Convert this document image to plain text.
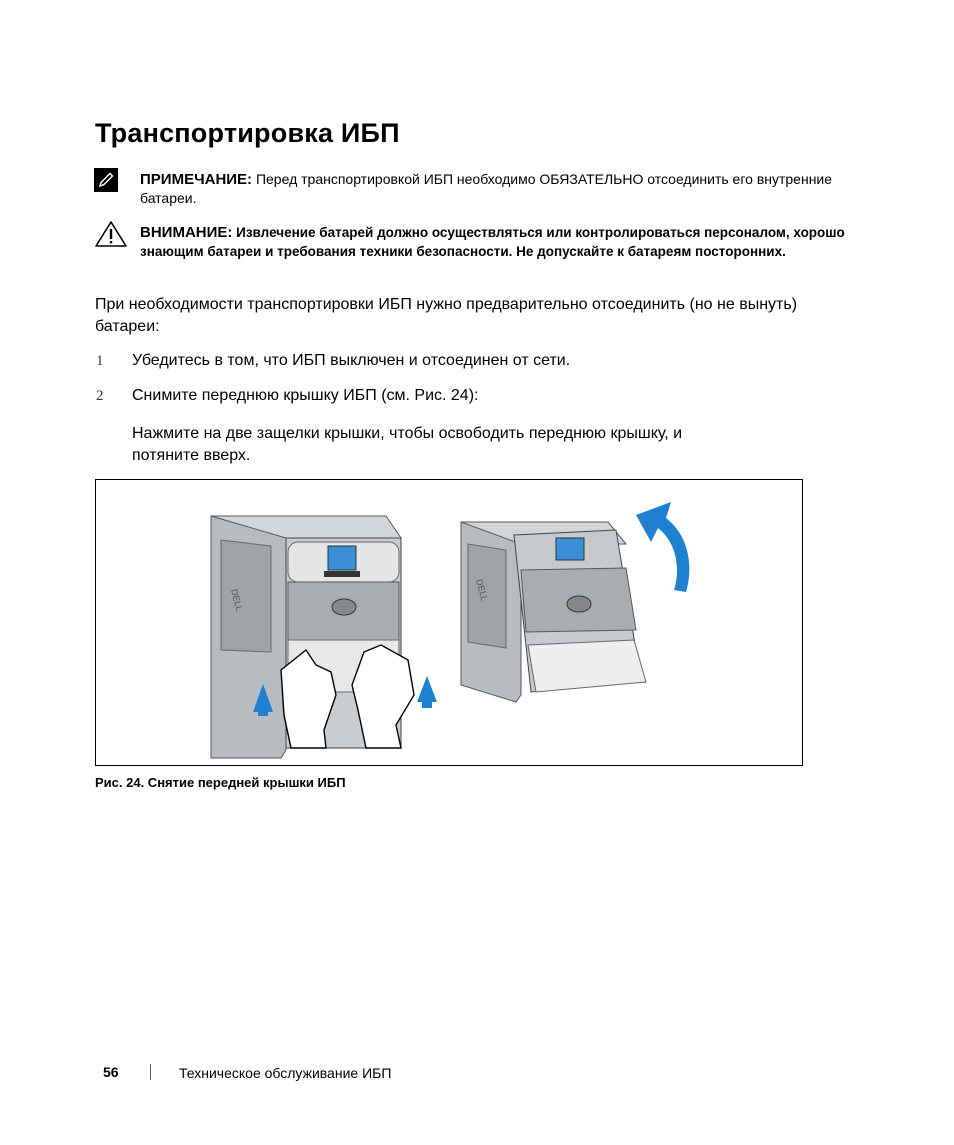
Транспортировка ИБП
ПРИМЕЧАНИЕ: Перед транспортировкой ИБП необходимо ОБЯЗАТЕЛЬНО отсоединить его внутренние батареи.
ВНИМАНИЕ: Извлечение батарей должно осуществляться или контролироваться персоналом, хорошо знающим батареи и требования техники безопасности. Не допускайте к батареям посторонних.
При необходимости транспортировки ИБП нужно предварительно отсоединить (но не вынуть) батареи:
1 Убедитесь в том, что ИБП выключен и отсоединен от сети.
2 Снимите переднюю крышку ИБП (см. Рис. 24):
Нажмите на две защелки крышки, чтобы освободить переднюю крышку, и потяните вверх.
DELL	DELL
Рис. 24. Снятие передней крышки ИБП
56	Техническое обслуживание ИБП
